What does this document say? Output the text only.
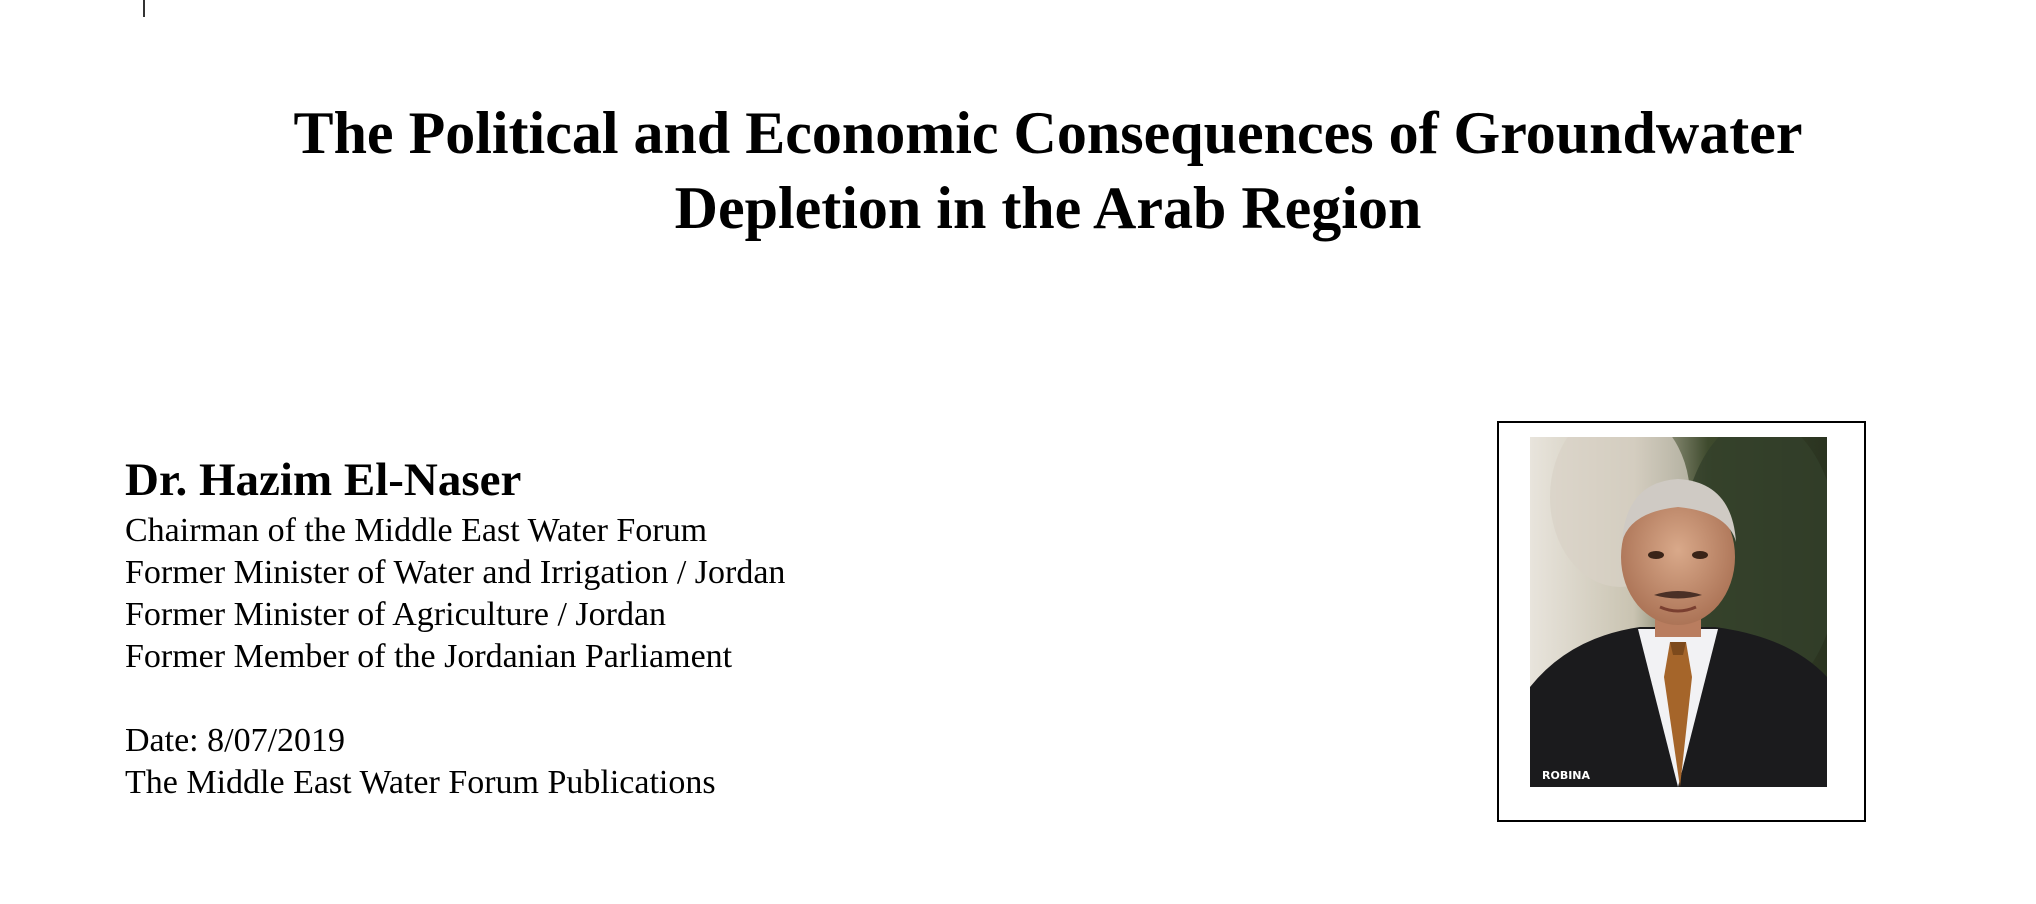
The Political and Economic Consequences of Groundwater
Depletion in the Arab Region

Dr. Hazim El-Naser

Chairman of the Middle East Water Forum

Former Minister of Water and Irrigation / Jordan

Former Minister of Agriculture / Jordan

Former Member of the Jordanian Parliament

Date: 8/07/2019

The Middle East Water Forum Publications	ROBINA
